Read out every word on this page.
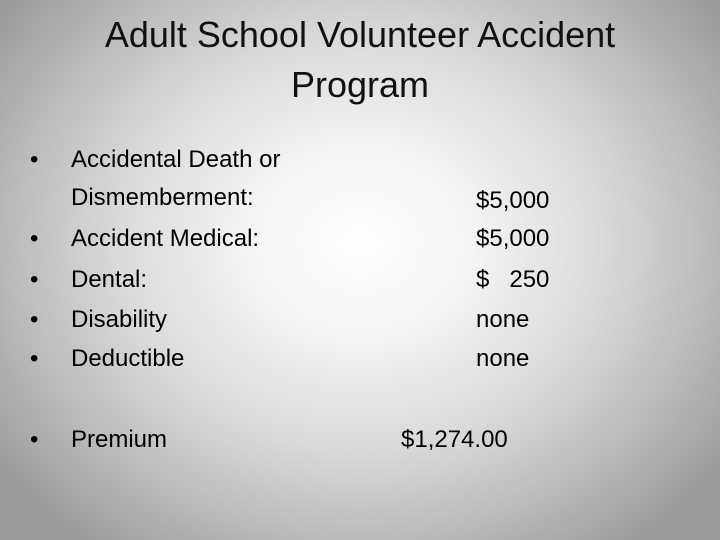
Adult School Volunteer Accident
Program
• Accidental Death or
Dismemberment:	$5,000
• Accident Medical:	$5,000
• Dental:	$   250
• Disability	none
• Deductible	none
• Premium	$1,274.00
